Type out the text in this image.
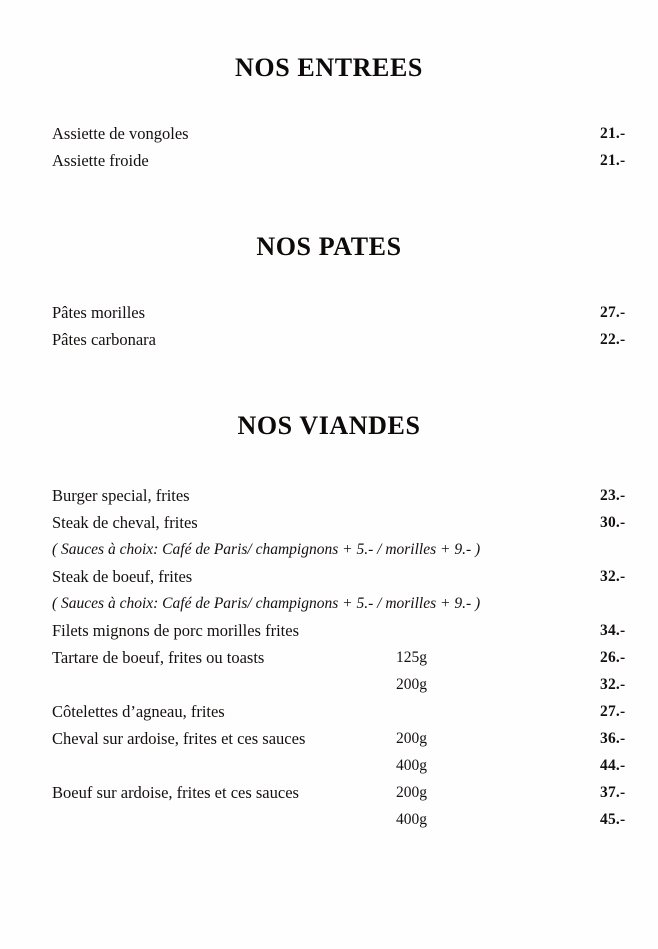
NOS ENTREES
Assiette de vongoles	21.-
Assiette froide	21.-
NOS PATES
Pâtes morilles	27.-
Pâtes carbonara	22.-
NOS VIANDES
Burger special, frites	23.-
Steak de cheval, frites	30.-
( Sauces à choix: Café de Paris/ champignons + 5.- / morilles + 9.- )
Steak de boeuf, frites	32.-
( Sauces à choix: Café de Paris/ champignons + 5.- / morilles + 9.- )
Filets mignons de porc morilles frites	34.-
Tartare de boeuf, frites ou toasts	125g	26.-
200g	32.-
Côtelettes d’agneau, frites	27.-
Cheval sur ardoise, frites et ces sauces	200g	36.-
400g	44.-
Boeuf sur ardoise, frites et ces sauces	200g	37.-
400g	45.-
